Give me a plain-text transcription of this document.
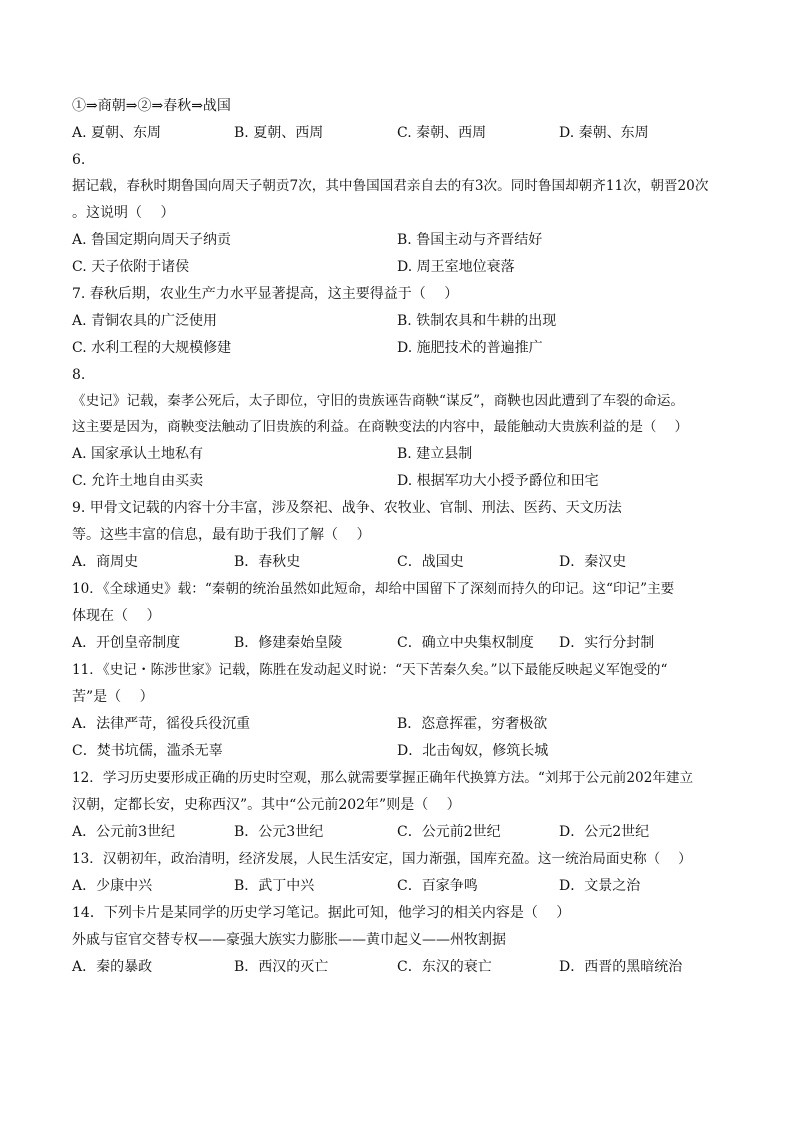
①⇒商朝⇒②⇒春秋⇒战国
A. 夏朝、东周	B. 夏朝、西周	C. 秦朝、西周	D. 秦朝、东周
6.
据记载，春秋时期鲁国向周天子朝贡7次，其中鲁国国君亲自去的有3次。同时鲁国却朝齐11次，朝晋20次
。这说明（　 ）
A. 鲁国定期向周天子纳贡	B. 鲁国主动与齐晋结好
C. 天子依附于诸侯	D. 周王室地位衰落
7. 春秋后期，农业生产力水平显著提高，这主要得益于（　 ）
A. 青铜农具的广泛使用	B. 铁制农具和牛耕的出现
C. 水利工程的大规模修建	D. 施肥技术的普遍推广
8.
《史记》记载，秦孝公死后，太子即位，守旧的贵族诬告商鞅“谋反”，商鞅也因此遭到了车裂的命运。
这主要是因为，商鞅变法触动了旧贵族的利益。在商鞅变法的内容中，最能触动大贵族利益的是（　 ）
A. 国家承认土地私有	B. 建立县制
C. 允许土地自由买卖	D. 根据军功大小授予爵位和田宅
9. 甲骨文记载的内容十分丰富，涉及祭祀、战争、农牧业、官制、刑法、医药、天文历法
等。这些丰富的信息，最有助于我们了解（　 ）
A．商周史	B．春秋史	C．战国史	D．秦汉史
10．《全球通史》载：“秦朝的统治虽然如此短命，却给中国留下了深刻而持久的印记。这“印记”主要
体现在（　 ）
A．开创皇帝制度	B．修建秦始皇陵	C．确立中央集权制度 D．实行分封制
11．《史记・陈涉世家》记载，陈胜在发动起义时说：“天下苦秦久矣。”以下最能反映起义军饱受的“
苦”是（　 ）
A．法律严苛，徭役兵役沉重	B．恣意挥霍，穷奢极欲
C．焚书坑儒，滥杀无辜	D．北击匈奴，修筑长城
12．学习历史要形成正确的历史时空观，那么就需要掌握正确年代换算方法。“刘邦于公元前202年建立
汉朝，定都长安，史称西汉”。其中“公元前202年”则是（　 ）
A．公元前3世纪	B．公元3世纪	C．公元前2世纪	D．公元2世纪
13．汉朝初年，政治清明，经济发展，人民生活安定，国力渐强，国库充盈。这一统治局面史称（　 ）
A．少康中兴	B．武丁中兴	C．百家争鸣	D．文景之治
14．下列卡片是某同学的历史学习笔记。据此可知，他学习的相关内容是（　 ）
外戚与宦官交替专权——豪强大族实力膨胀——黄巾起义——州牧割据
A．秦的暴政	B．西汉的灭亡	C．东汉的衰亡	D．西晋的黑暗统治
